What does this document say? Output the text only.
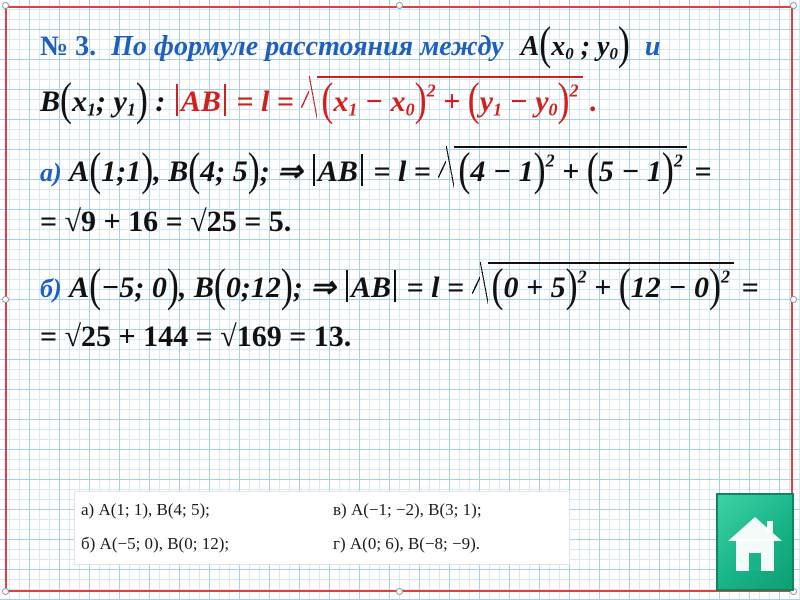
№ 3. По формуле расстояния между $A(x_0$ ; $y_0$) и
$B(x_1$; $y_1$) : AB = $l = (x_1 - x_0)^2 + (y_1 - y_0)^2$ .
а) A(1;1), B(4; 5); ⇒ AB = $l = (4 - 1)^2 + (5 - 1)^2$ =
= √9 + 16 = √25 = 5.
б) A(−5; 0), B(0;12); ⇒ AB = $l = (0 + 5)^2 + (12 - 0)^2$ =
= √25 + 144 = √169 = 13.
а) A(1; 1), B(4; 5);	в) A(−1; −2), B(3; 1);
б) A(−5; 0), B(0; 12);	г) A(0; 6), B(−8; −9).
